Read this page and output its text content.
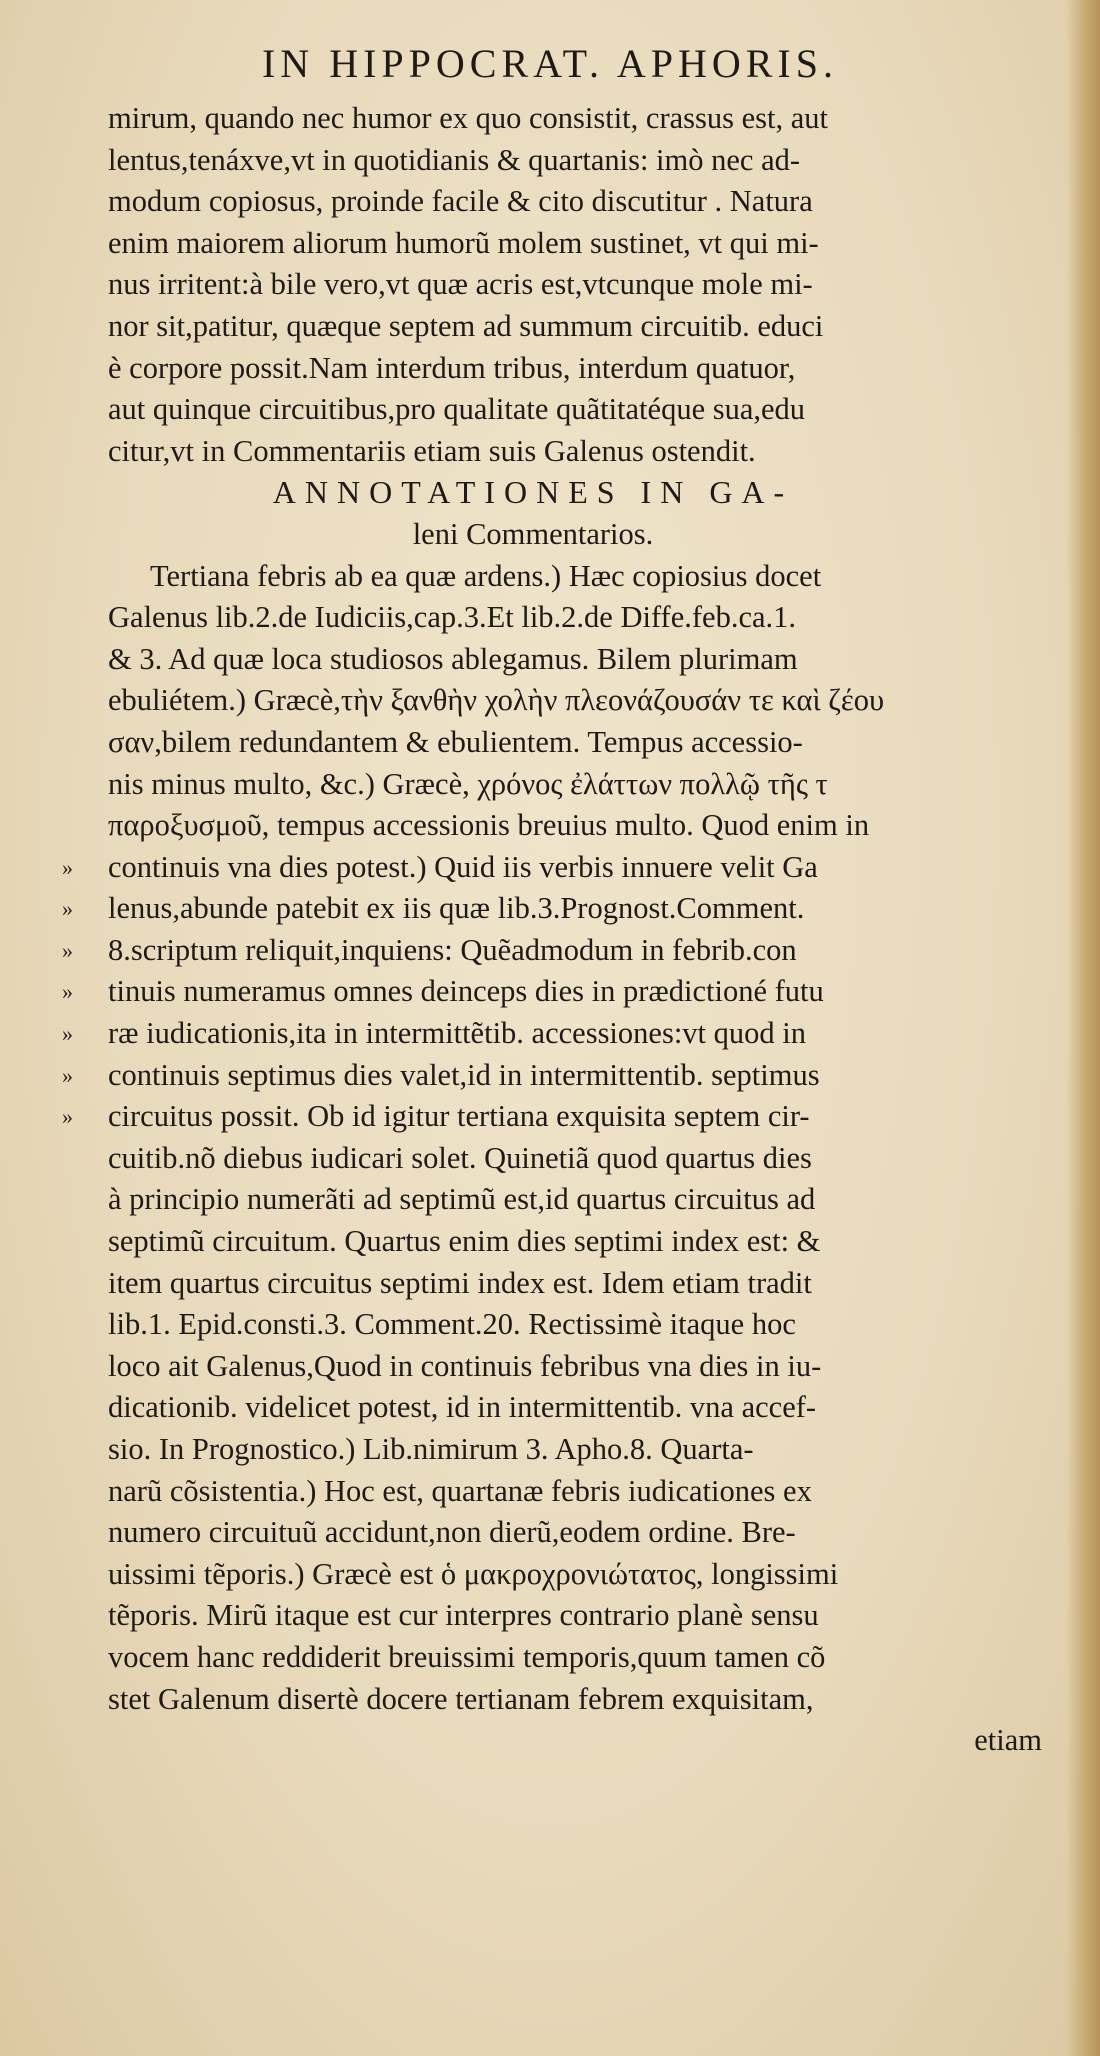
IN HIPPOCRAT. APHORIS.
mirum, quando nec humor ex quo consistit, crassus est, aut
lentus,tenáxve,vt in quotidianis & quartanis: imò nec ad-
modum copiosus, proinde facile & cito discutitur . Natura
enim maiorem aliorum humorũ molem sustinet, vt qui mi-
nus irritent:à bile vero,vt quæ acris est,vtcunque mole mi-
nor sit,patitur, quæque septem ad summum circuitib. educi
è corpore possit.Nam interdum tribus, interdum quatuor,
aut quinque circuitibus,pro qualitate quãtitatéque sua,edu
citur,vt in Commentariis etiam suis Galenus ostendit.
ANNOTATIONES IN GA-
leni Commentarios.
Tertiana febris ab ea quæ ardens.) Hæc copiosius docet
Galenus lib.2.de Iudiciis,cap.3.Et lib.2.de Diffe.feb.ca.1.
& 3. Ad quæ loca studiosos ablegamus. Bilem plurimam
ebuliétem.) Græcè,τὴν ξανθὴν χολὴν πλεονάζουσάν τε καὶ ζέου
σαν,bilem redundantem & ebulientem. Tempus accessio-
nis minus multo, &c.) Græcè, χρόνος ἐλάττων πολλῷ τῆς τ
παροξυσμοῦ, tempus accessionis breuius multo. Quod enim in
» continuis vna dies potest.) Quid iis verbis innuere velit Ga
» lenus,abunde patebit ex iis quæ lib.3.Prognost.Comment.
» 8.scriptum reliquit,inquiens: Quẽadmodum in febrib.con
» tinuis numeramus omnes deinceps dies in prædictioné futu
» ræ iudicationis,ita in intermittẽtib. accessiones:vt quod in
» continuis septimus dies valet,id in intermittentib. septimus
» circuitus possit. Ob id igitur tertiana exquisita septem cir-
cuitib.nõ diebus iudicari solet. Quinetiã quod quartus dies
à principio numerãti ad septimũ est,id quartus circuitus ad
septimũ circuitum. Quartus enim dies septimi index est: &
item quartus circuitus septimi index est. Idem etiam tradit
lib.1. Epid.consti.3. Comment.20. Rectissimè itaque hoc
loco ait Galenus,Quod in continuis febribus vna dies in iu-
dicationib. videlicet potest, id in intermittentib. vna accef-
sio. In Prognostico.) Lib.nimirum 3. Apho.8. Quarta-
narũ cõsistentia.) Hoc est, quartanæ febris iudicationes ex
numero circuituũ accidunt,non dierũ,eodem ordine. Bre-
uissimi tẽporis.) Græcè est ὁ μακροχρονιώτατος, longissimi
tẽporis. Mirũ itaque est cur interpres contrario planè sensu
vocem hanc reddiderit breuissimi temporis,quum tamen cõ
stet Galenum disertè docere tertianam febrem exquisitam,
etiam
